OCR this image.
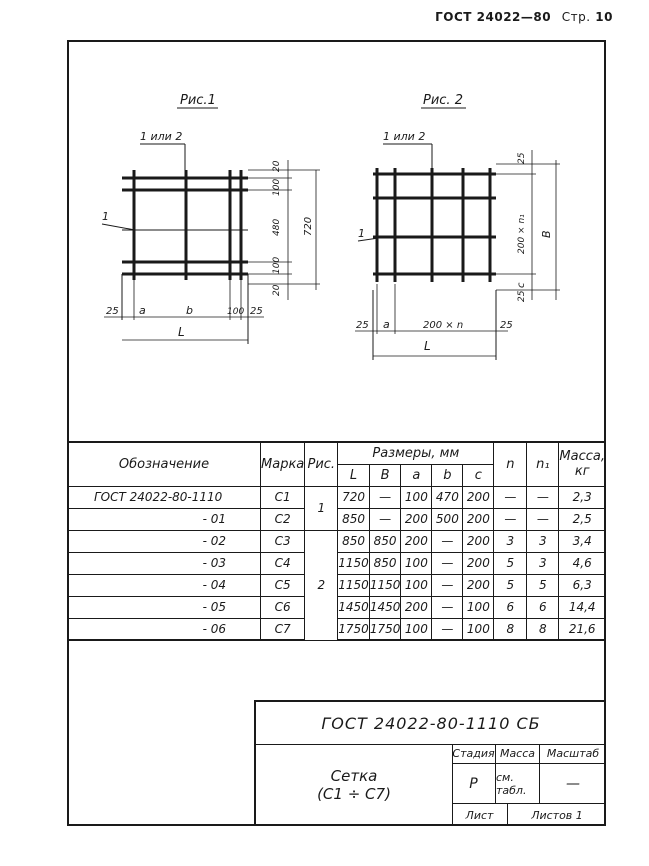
ГОСТ 24022—80 Стр. 10
Рис.1
1 или 2
1
20
100
480
100
20
720
25 a	b	100 25
L
Рис. 2
1 или 2
1
25
200 × n₁
c
25
B
25 a	200 × n	25
L
Обозначение	Марка	Рис.	Размеры, мм					n	n₁	Масса, кг
			L	B	a	b	c			
ГОСТ 24022-80-1110	С1	1	720	—	100	470	200	—	—	2,3
- 01	С2		850	—	200	500	200	—	—	2,5
- 02	С3	2	850	850	200	—	200	3	3	3,4
- 03	С4		1150	850	100	—	200	5	3	4,6
- 04	С5		1150	1150	100	—	200	5	5	6,3
- 05	С6		1450	1450	200	—	100	6	6	14,4
- 06	С7		1750	1750	100	—	100	8	8	21,6
ГОСТ 24022-80-1110 СБ
Сетка
(С1 ÷ С7)
Стадия Масса	Масштаб
Р	см. табл.	—
Лист	Листов 1
